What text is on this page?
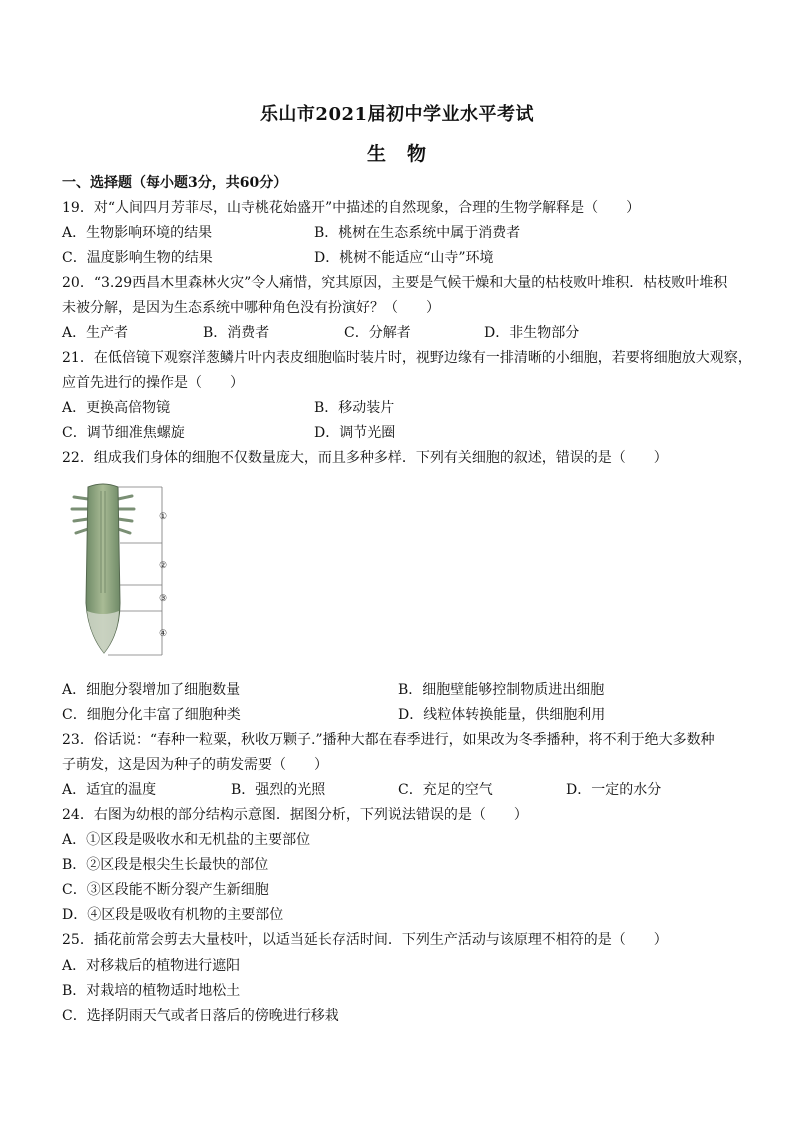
乐山市2021届初中学业水平考试
生　物
一、选择题（每小题3分，共60分）
19．对“人间四月芳菲尽，山寺桃花始盛开”中描述的自然现象，合理的生物学解释是（　　）
A．生物影响环境的结果	B．桃树在生态系统中属于消费者
C．温度影响生物的结果	D．桃树不能适应“山寺”环境
20．“3.29西昌木里森林火灾”令人痛惜，究其原因，主要是气候干燥和大量的枯枝败叶堆积．枯枝败叶堆积
未被分解，是因为生态系统中哪种角色没有扮演好？（　　）
A．生产者	B．消费者	C．分解者	D．非生物部分
21．在低倍镜下观察洋葱鳞片叶内表皮细胞临时装片时，视野边缘有一排清晰的小细胞，若要将细胞放大观察，
应首先进行的操作是（　　）
A．更换高倍物镜	B．移动装片
C．调节细准焦螺旋	D．调节光圈
22．组成我们身体的细胞不仅数量庞大，而且多种多样．下列有关细胞的叙述，错误的是（　　）
①
②
③
④
A．细胞分裂增加了细胞数量	B．细胞壁能够控制物质进出细胞
C．细胞分化丰富了细胞种类	D．线粒体转换能量，供细胞利用
23．俗话说：“春种一粒粟，秋收万颗子.”播种大都在春季进行，如果改为冬季播种，将不利于绝大多数种
子萌发，这是因为种子的萌发需要（　　）
A．适宜的温度	B．强烈的光照	C．充足的空气	D．一定的水分
24．右图为幼根的部分结构示意图．据图分析，下列说法错误的是（　　）
A．①区段是吸收水和无机盐的主要部位
B．②区段是根尖生长最快的部位
C．③区段能不断分裂产生新细胞
D．④区段是吸收有机物的主要部位
25．插花前常会剪去大量枝叶，以适当延长存活时间．下列生产活动与该原理不相符的是（　　）
A．对移栽后的植物进行遮阳
B．对栽培的植物适时地松土
C．选择阴雨天气或者日落后的傍晚进行移栽
